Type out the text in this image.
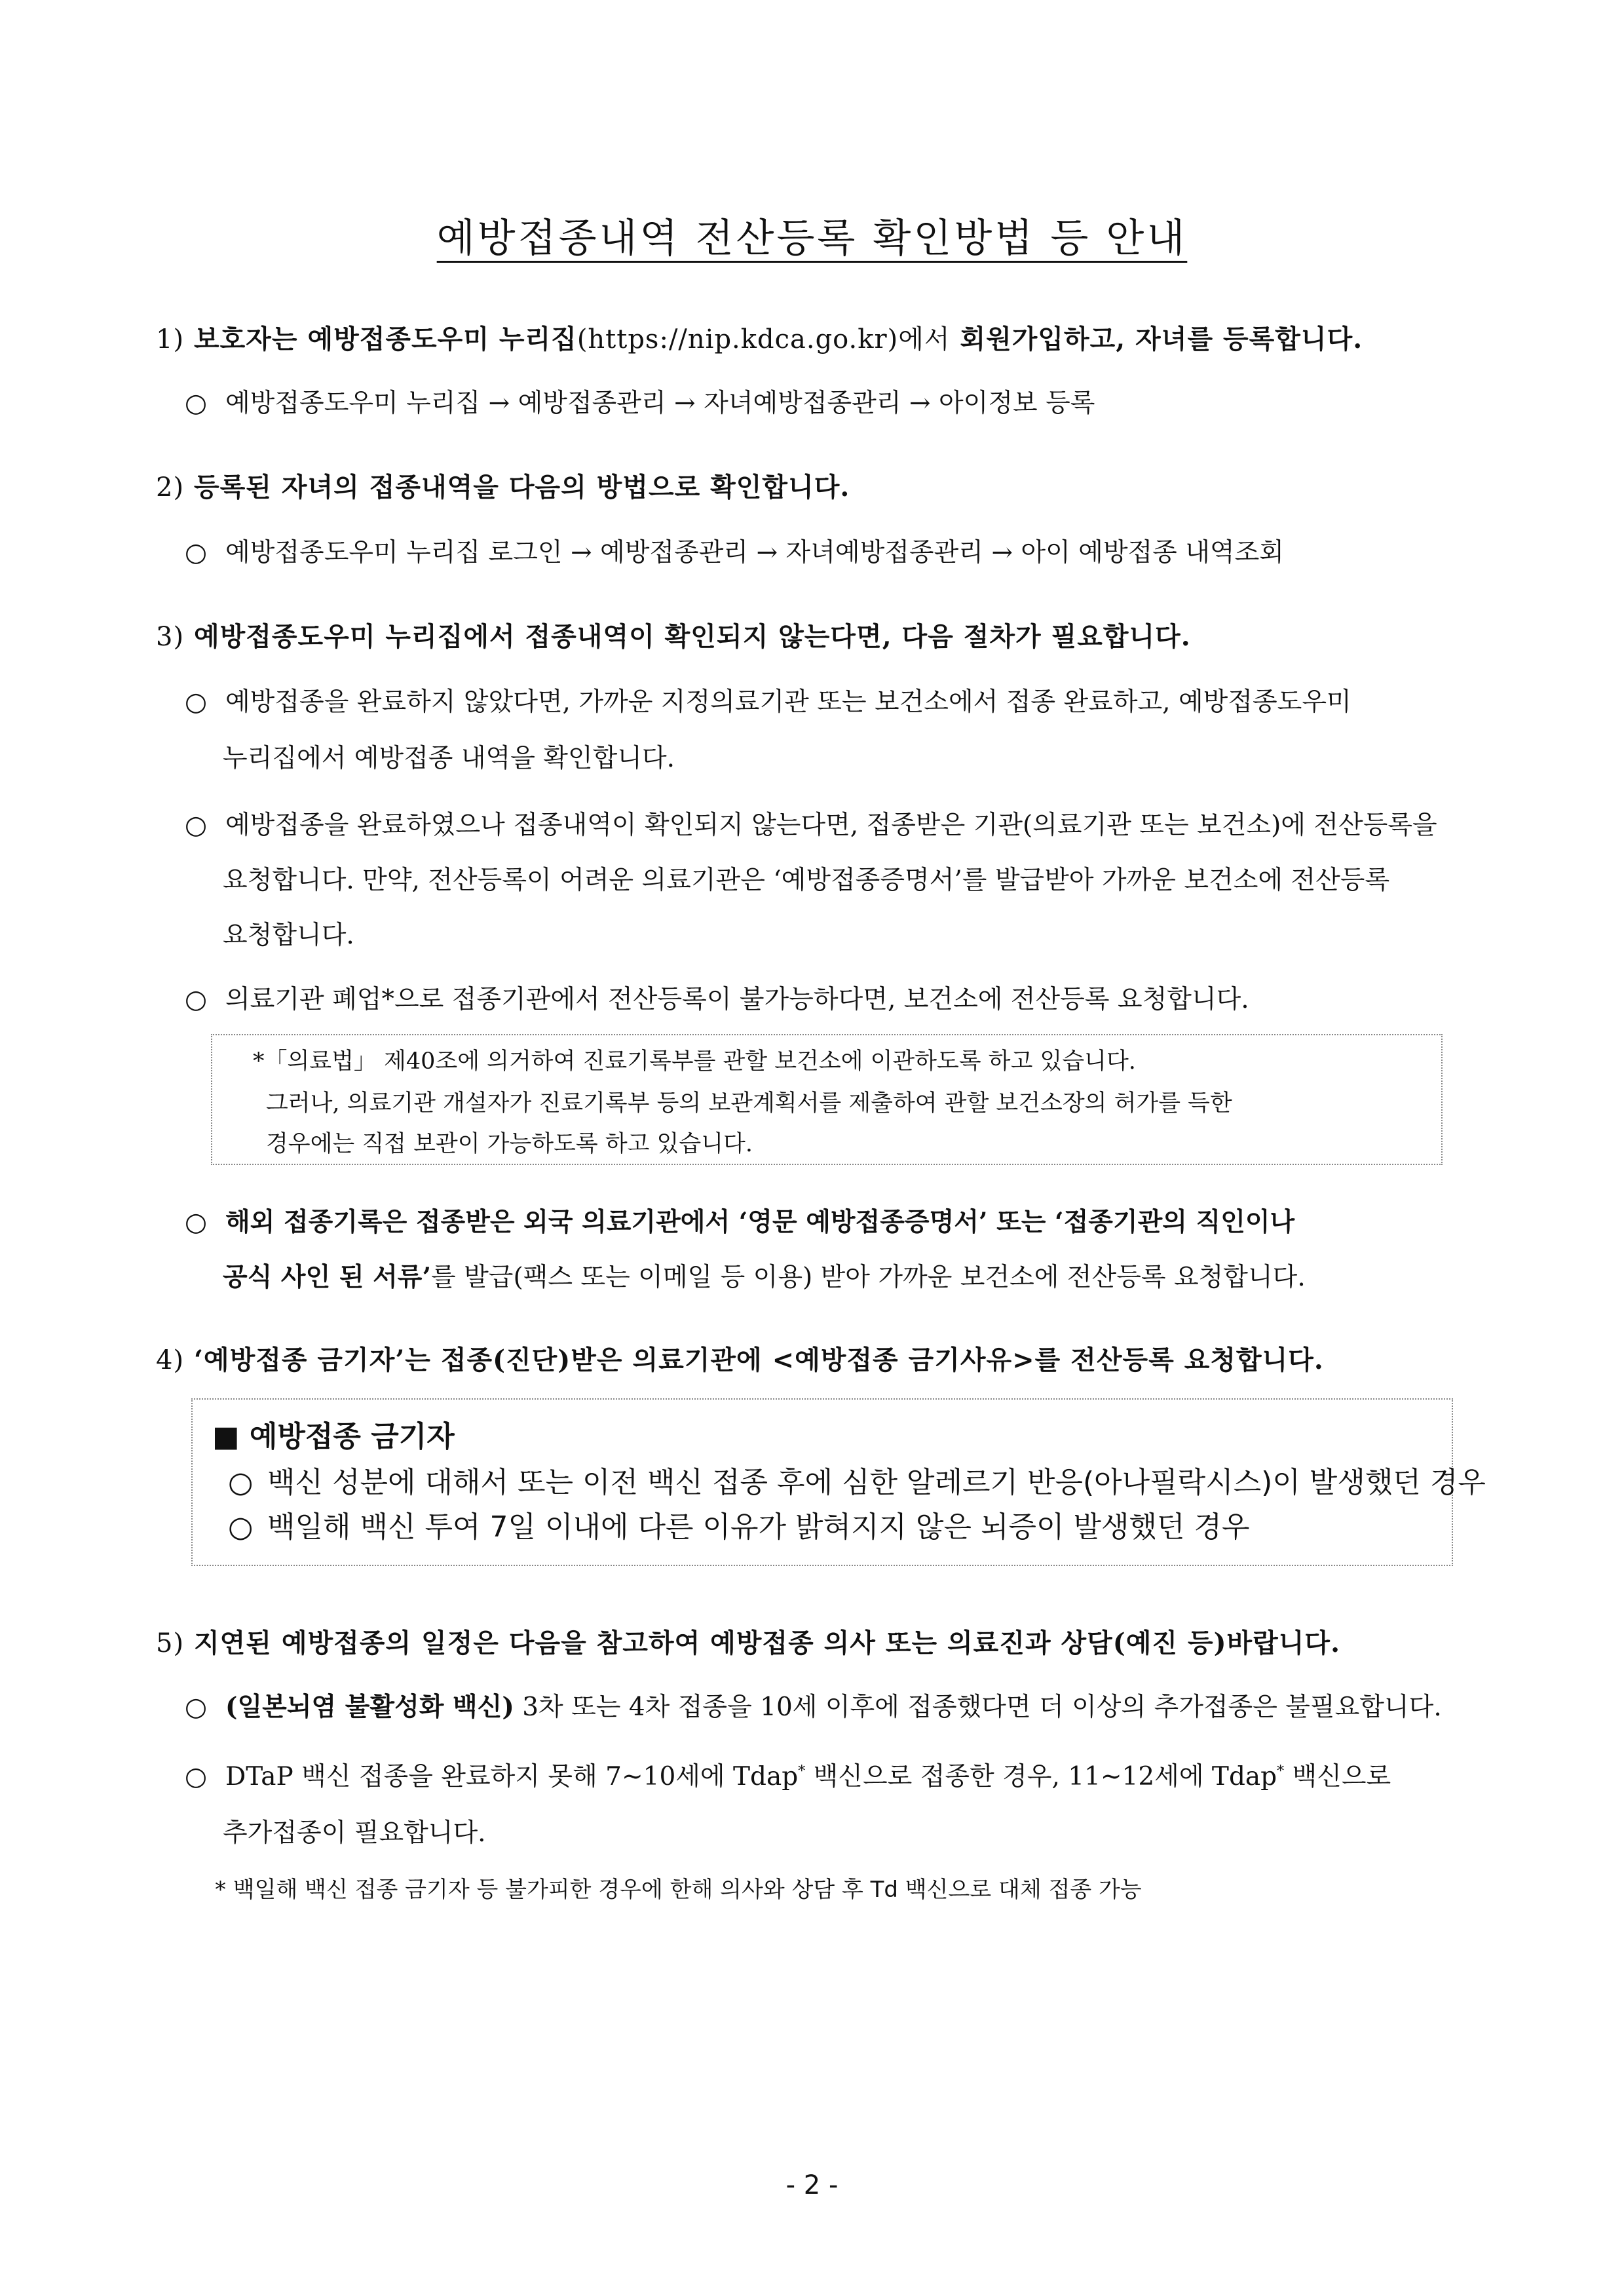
예방접종내역 전산등록 확인방법 등 안내
1) 보호자는 예방접종도우미 누리집(https://nip.kdca.go.kr)에서 회원가입하고, 자녀를 등록합니다.
○ 예방접종도우미 누리집 → 예방접종관리 → 자녀예방접종관리 → 아이정보 등록
2) 등록된 자녀의 접종내역을 다음의 방법으로 확인합니다.
○ 예방접종도우미 누리집 로그인 → 예방접종관리 → 자녀예방접종관리 → 아이 예방접종 내역조회
3) 예방접종도우미 누리집에서 접종내역이 확인되지 않는다면, 다음 절차가 필요합니다.
○ 예방접종을 완료하지 않았다면, 가까운 지정의료기관 또는 보건소에서 접종 완료하고, 예방접종도우미
누리집에서 예방접종 내역을 확인합니다.
○ 예방접종을 완료하였으나 접종내역이 확인되지 않는다면, 접종받은 기관(의료기관 또는 보건소)에 전산등록을
요청합니다. 만약, 전산등록이 어려운 의료기관은 ‘예방접종증명서’를 발급받아 가까운 보건소에 전산등록
요청합니다.
○ 의료기관 폐업*으로 접종기관에서 전산등록이 불가능하다면, 보건소에 전산등록 요청합니다.
*「의료법」 제40조에 의거하여 진료기록부를 관할 보건소에 이관하도록 하고 있습니다.
그러나, 의료기관 개설자가 진료기록부 등의 보관계획서를 제출하여 관할 보건소장의 허가를 득한
경우에는 직접 보관이 가능하도록 하고 있습니다.
○ 해외 접종기록은 접종받은 외국 의료기관에서 ‘영문 예방접종증명서’ 또는 ‘접종기관의 직인이나
공식 사인 된 서류’를 발급(팩스 또는 이메일 등 이용) 받아 가까운 보건소에 전산등록 요청합니다.
4) ‘예방접종 금기자’는 접종(진단)받은 의료기관에 <예방접종 금기사유>를 전산등록 요청합니다.
■ 예방접종 금기자
○ 백신 성분에 대해서 또는 이전 백신 접종 후에 심한 알레르기 반응(아나필락시스)이 발생했던 경우
○ 백일해 백신 투여 7일 이내에 다른 이유가 밝혀지지 않은 뇌증이 발생했던 경우
5) 지연된 예방접종의 일정은 다음을 참고하여 예방접종 의사 또는 의료진과 상담(예진 등)바랍니다.
○ (일본뇌염 불활성화 백신) 3차 또는 4차 접종을 10세 이후에 접종했다면 더 이상의 추가접종은 불필요합니다.
○ DTaP 백신 접종을 완료하지 못해 7~10세에 Tdap* 백신으로 접종한 경우, 11~12세에 Tdap* 백신으로
추가접종이 필요합니다.
* 백일해 백신 접종 금기자 등 불가피한 경우에 한해 의사와 상담 후 Td 백신으로 대체 접종 가능
- 2 -
